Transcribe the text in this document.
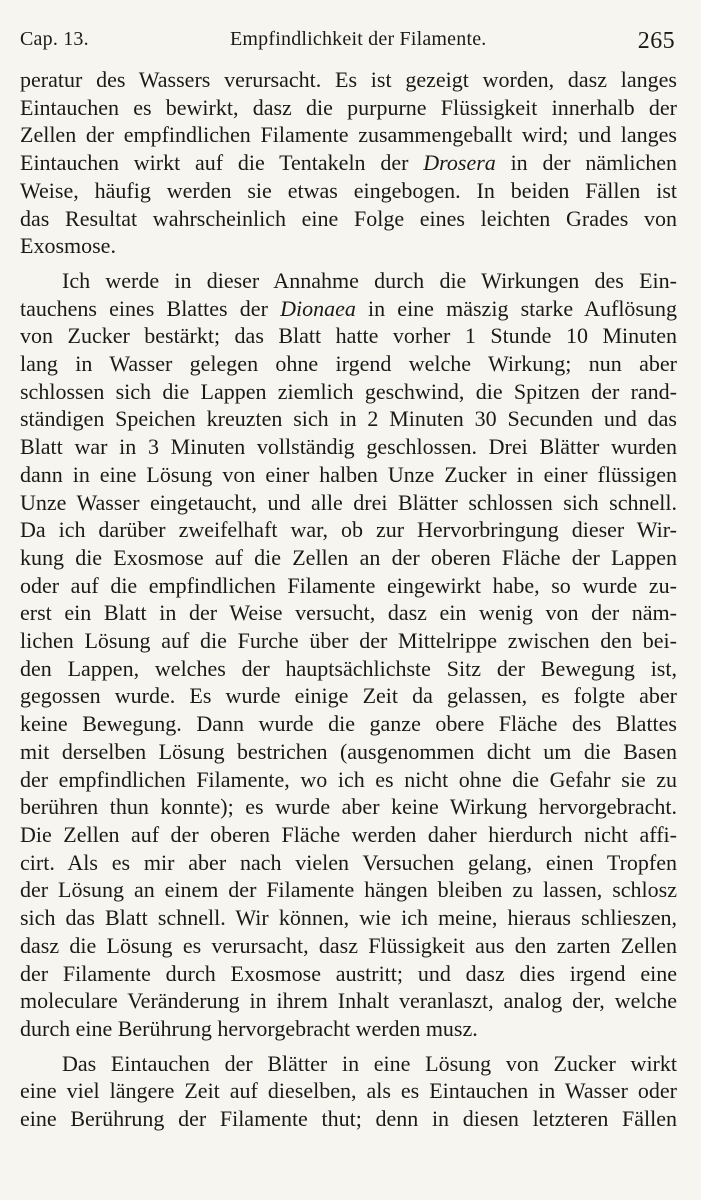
Cap. 13.	Empfindlichkeit der Filamente.	265
peratur des Wassers verursacht. Es ist gezeigt worden, dasz langes
Eintauchen es bewirkt, dasz die purpurne Flüssigkeit innerhalb der
Zellen der empfindlichen Filamente zusammengeballt wird; und langes
Eintauchen wirkt auf die Tentakeln der Drosera in der nämlichen
Weise, häufig werden sie etwas eingebogen. In beiden Fällen ist
das Resultat wahrscheinlich eine Folge eines leichten Grades von
Exosmose.
Ich werde in dieser Annahme durch die Wirkungen des Ein-
tauchens eines Blattes der Dionaea in eine mäszig starke Auflösung
von Zucker bestärkt; das Blatt hatte vorher 1 Stunde 10 Minuten
lang in Wasser gelegen ohne irgend welche Wirkung; nun aber
schlossen sich die Lappen ziemlich geschwind, die Spitzen der rand-
ständigen Speichen kreuzten sich in 2 Minuten 30 Secunden und das
Blatt war in 3 Minuten vollständig geschlossen. Drei Blätter wurden
dann in eine Lösung von einer halben Unze Zucker in einer flüssigen
Unze Wasser eingetaucht, und alle drei Blätter schlossen sich schnell.
Da ich darüber zweifelhaft war, ob zur Hervorbringung dieser Wir-
kung die Exosmose auf die Zellen an der oberen Fläche der Lappen
oder auf die empfindlichen Filamente eingewirkt habe, so wurde zu-
erst ein Blatt in der Weise versucht, dasz ein wenig von der näm-
lichen Lösung auf die Furche über der Mittelrippe zwischen den bei-
den Lappen, welches der hauptsächlichste Sitz der Bewegung ist,
gegossen wurde. Es wurde einige Zeit da gelassen, es folgte aber
keine Bewegung. Dann wurde die ganze obere Fläche des Blattes
mit derselben Lösung bestrichen (ausgenommen dicht um die Basen
der empfindlichen Filamente, wo ich es nicht ohne die Gefahr sie zu
berühren thun konnte); es wurde aber keine Wirkung hervorgebracht.
Die Zellen auf der oberen Fläche werden daher hierdurch nicht affi-
cirt. Als es mir aber nach vielen Versuchen gelang, einen Tropfen
der Lösung an einem der Filamente hängen bleiben zu lassen, schlosz
sich das Blatt schnell. Wir können, wie ich meine, hieraus schlieszen,
dasz die Lösung es verursacht, dasz Flüssigkeit aus den zarten Zellen
der Filamente durch Exosmose austritt; und dasz dies irgend eine
moleculare Veränderung in ihrem Inhalt veranlaszt, analog der, welche
durch eine Berührung hervorgebracht werden musz.
Das Eintauchen der Blätter in eine Lösung von Zucker wirkt
eine viel längere Zeit auf dieselben, als es Eintauchen in Wasser oder
eine Berührung der Filamente thut; denn in diesen letzteren Fällen
